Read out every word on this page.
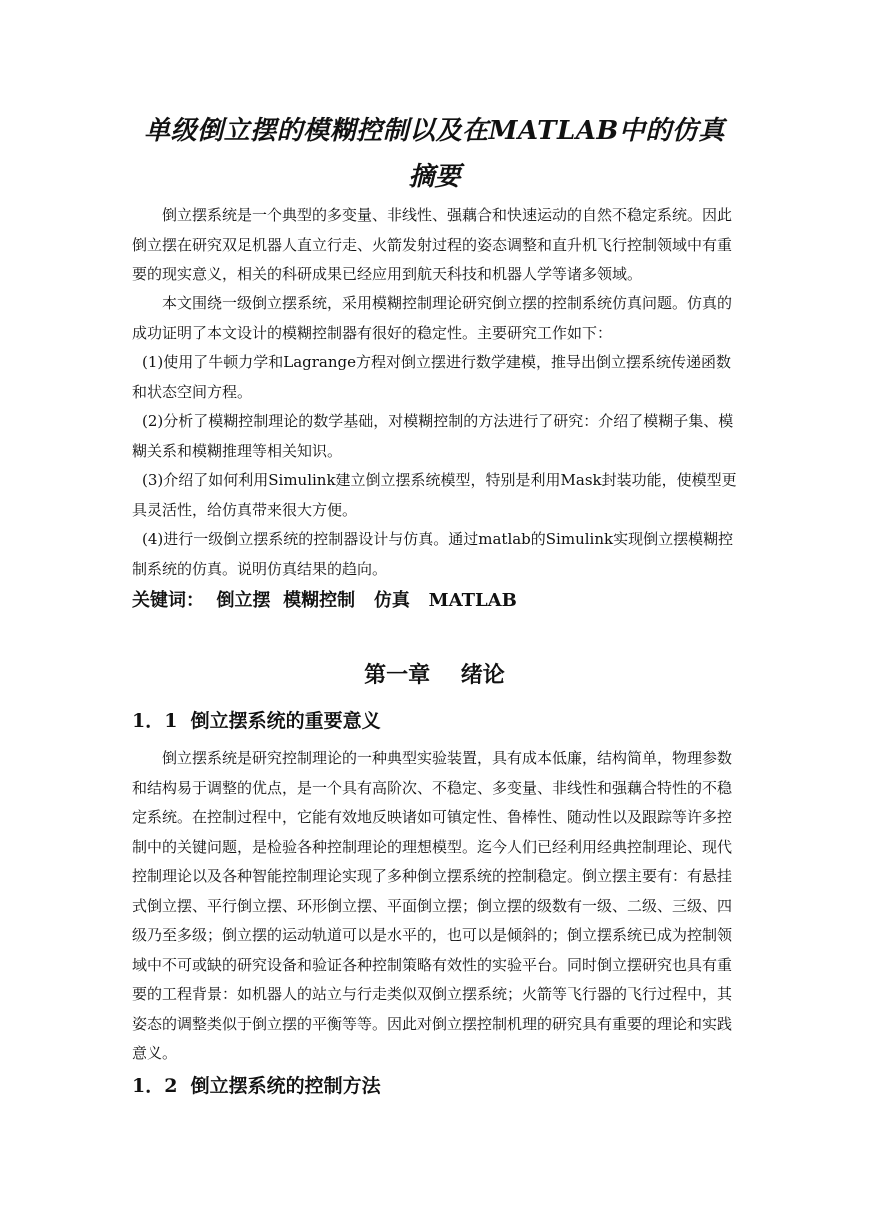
单级倒立摆的模糊控制以及在MATLAB中的仿真
摘要

倒立摆系统是一个典型的多变量、非线性、强藕合和快速运动的自然不稳定系统。因此倒立摆在研究双足机器人直立行走、火箭发射过程的姿态调整和直升机飞行控制领域中有重要的现实意义，相关的科研成果已经应用到航天科技和机器人学等诸多领域。

本文围绕一级倒立摆系统，采用模糊控制理论研究倒立摆的控制系统仿真问题。仿真的成功证明了本文设计的模糊控制器有很好的稳定性。主要研究工作如下：

(1)使用了牛顿力学和Lagrange方程对倒立摆进行数学建模，推导出倒立摆系统传递函数和状态空间方程。

(2)分析了模糊控制理论的数学基础，对模糊控制的方法进行了研究：介绍了模糊子集、模糊关系和模糊推理等相关知识。

(3)介绍了如何利用Simulink建立倒立摆系统模型，特别是利用Mask封装功能，使模型更具灵活性，给仿真带来很大方便。

(4)进行一级倒立摆系统的控制器设计与仿真。通过matlab的Simulink实现倒立摆模糊控制系统的仿真。说明仿真结果的趋向。

关键词：  倒立摆  模糊控制   仿真   MATLAB
第一章    绪论
1．1  倒立摆系统的重要意义

倒立摆系统是研究控制理论的一种典型实验装置，具有成本低廉，结构简单，物理参数和结构易于调整的优点，是一个具有高阶次、不稳定、多变量、非线性和强藕合特性的不稳定系统。在控制过程中，它能有效地反映诸如可镇定性、鲁棒性、随动性以及跟踪等许多控制中的关键问题，是检验各种控制理论的理想模型。迄今人们已经利用经典控制理论、现代控制理论以及各种智能控制理论实现了多种倒立摆系统的控制稳定。倒立摆主要有：有悬挂式倒立摆、平行倒立摆、环形倒立摆、平面倒立摆；倒立摆的级数有一级、二级、三级、四级乃至多级；倒立摆的运动轨道可以是水平的，也可以是倾斜的；倒立摆系统已成为控制领域中不可或缺的研究设备和验证各种控制策略有效性的实验平台。同时倒立摆研究也具有重要的工程背景：如机器人的站立与行走类似双倒立摆系统；火箭等飞行器的飞行过程中，其姿态的调整类似于倒立摆的平衡等等。因此对倒立摆控制机理的研究具有重要的理论和实践意义。

1．2  倒立摆系统的控制方法
